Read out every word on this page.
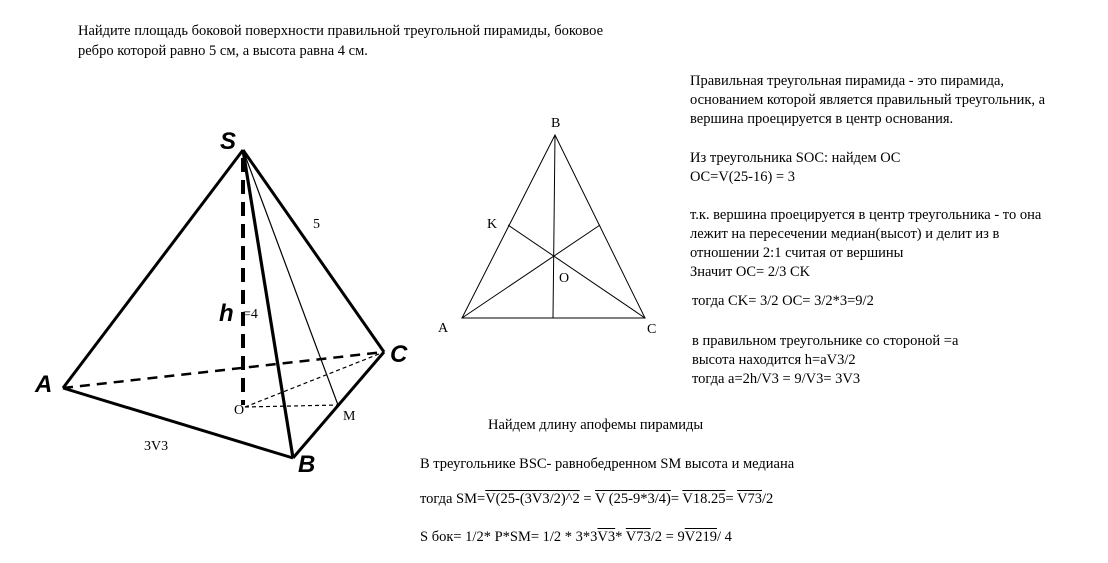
Найдите площадь боковой поверхности правильной треугольной пирамиды, боковое
ребро которой равно 5 см, а высота равна 4 см.
S
A
B
C
h =4
5
O	M
3V3
B
A	C
K
O
Правильная треугольная пирамида - это пирамида,
основанием которой является правильный треугольник, а
вершина проецируется в центр основания.
Из треугольника SOC: найдем OC
OC=V(25-16) = 3
т.к. вершина проецируется в центр треугольника - то она
лежит на пересечении медиан(высот) и делит из в
отношении 2:1 считая от вершины
Значит OC= 2/3 CK
тогда CK= 3/2 OC= 3/2*3=9/2
в правильном треугольнике со стороной =a
высота находится h=aV3/2
тогда a=2h/V3 = 9/V3= 3V3
Найдем длину апофемы пирамиды
В треугольнике BSC- равнобедренном SM высота и медиана
тогда SM=V(25-(3V3/2)^2 = V (25-9*3/4)= V18.25= V73/2
S бок= 1/2* P*SM= 1/2 * 3*3V3* V73/2 = 9V219/ 4
